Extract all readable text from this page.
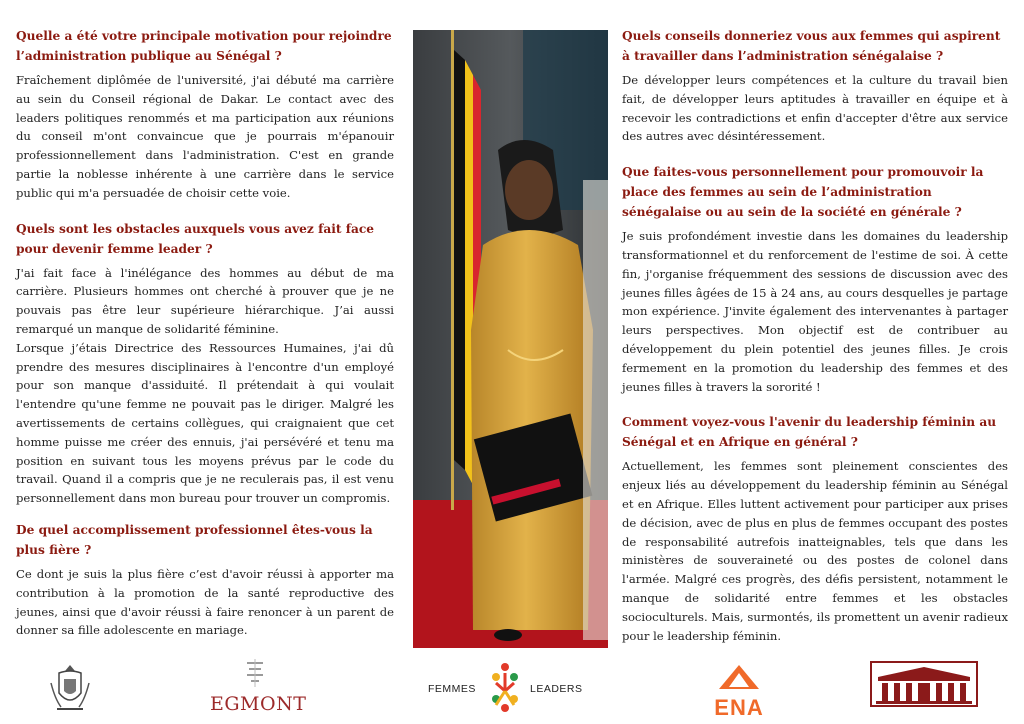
Quelle a été votre principale motivation pour rejoindre l’administration publique au Sénégal ?
Fraîchement diplômée de l'université, j'ai débuté ma carrière au sein du Conseil régional de Dakar. Le contact avec des leaders politiques renommés et ma participation aux réunions du conseil m'ont convaincue que je pourrais m'épanouir professionnellement dans l'administration. C'est en grande partie la noblesse inhérente à une carrière dans le service public qui m'a persuadée de choisir cette voie.
Quels sont les obstacles auxquels vous avez fait face pour devenir femme leader ?
J'ai fait face à l'inélégance des hommes au début de ma carrière. Plusieurs hommes ont cherché à prouver que je ne pouvais pas être leur supérieure hiérarchique. J’ai aussi remarqué un manque de solidarité féminine.
Lorsque j’étais Directrice des Ressources Humaines, j'ai dû prendre des mesures disciplinaires à l'encontre d'un employé pour son manque d'assiduité. Il prétendait à qui voulait l'entendre qu'une femme ne pouvait pas le diriger. Malgré les avertissements de certains collègues, qui craignaient que cet homme puisse me créer des ennuis, j'ai persévéré et tenu ma position en suivant tous les moyens prévus par le code du travail. Quand il a compris que je ne reculerais pas, il est venu personnellement dans mon bureau pour trouver un compromis.
De quel accomplissement professionnel êtes-vous la plus fière ?
Ce dont je suis la plus fière c’est d'avoir réussi à apporter ma contribution à la promotion de la santé reproductive des jeunes, ainsi que d'avoir réussi à faire renoncer à un parent de donner sa fille adolescente en mariage.
Quels conseils donneriez vous aux femmes qui aspirent à travailler dans l’administration sénégalaise ?
De développer leurs compétences et la culture du travail bien fait, de développer leurs aptitudes à travailler en équipe et à recevoir les contradictions et enfin d'accepter d'être aux service des autres avec désintéressement.
Que faites-vous personnellement pour promouvoir la place des femmes au sein de l’administration sénégalaise ou au sein de la société en générale ?
Je suis profondément investie dans les domaines du leadership transformationnel et du renforcement de l'estime de soi. À cette fin, j'organise fréquemment des sessions de discussion avec des jeunes filles âgées de 15 à 24 ans, au cours desquelles je partage mon expérience. J'invite également des intervenantes à partager leurs perspectives. Mon objectif est de contribuer au développement du plein potentiel des jeunes filles. Je crois fermement en la promotion du leadership des femmes et des jeunes filles à travers la sororité !
Comment voyez-vous l'avenir du leadership féminin au Sénégal et en Afrique en général ?
Actuellement, les femmes sont pleinement conscientes des enjeux liés au développement du leadership féminin au Sénégal et en Afrique. Elles luttent activement pour participer aux prises de décision, avec de plus en plus de femmes occupant des postes de responsabilité autrefois inatteignables, tels que dans les ministères de souveraineté ou des postes de colonel dans l'armée. Malgré ces progrès, des défis persistent, notamment le manque de solidarité entre femmes et les obstacles socioculturels. Mais, surmontés, ils promettent un avenir radieux pour le leadership féminin.
EGMONT
FEMMES	LEADERS
ENA
